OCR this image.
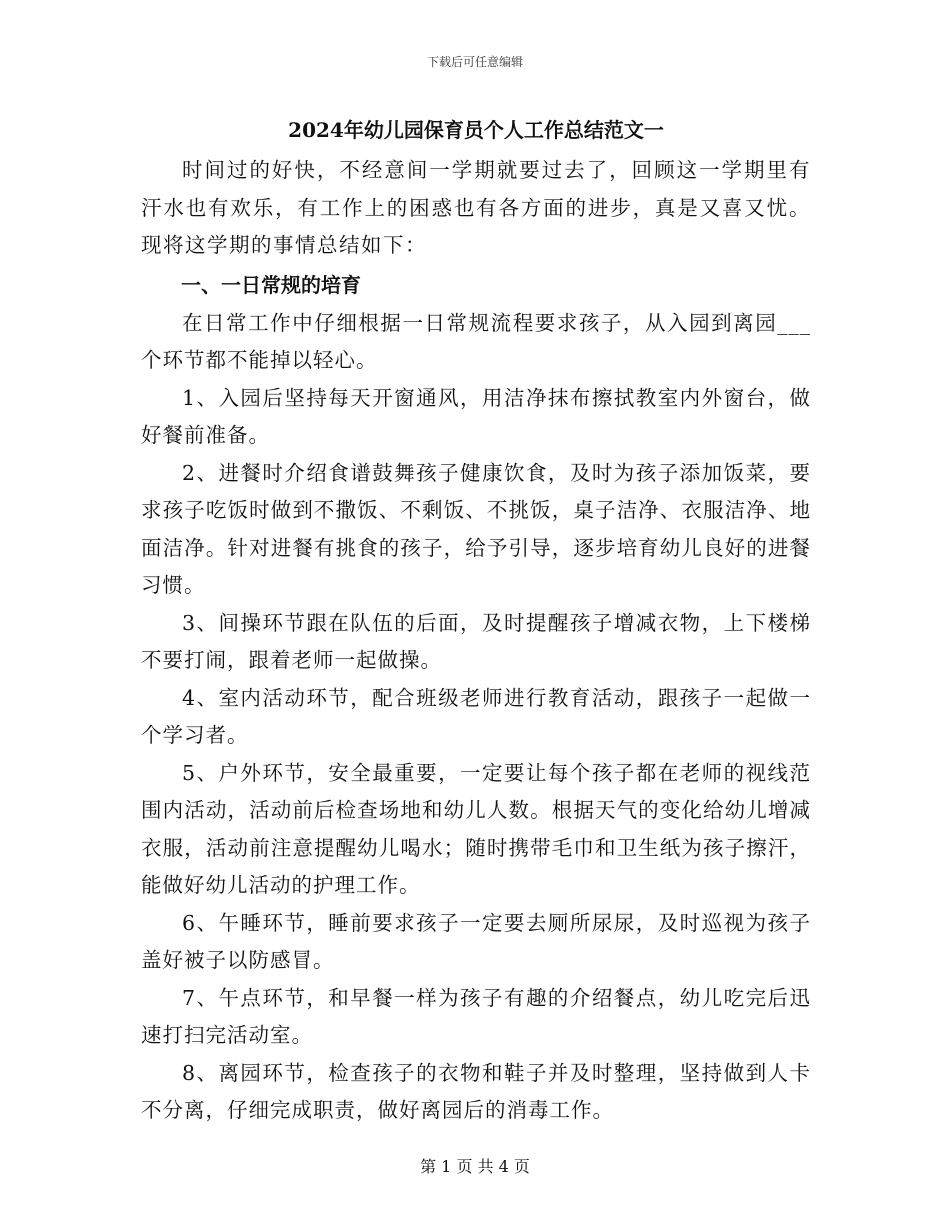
下载后可任意编辑
2024年幼儿园保育员个人工作总结范文一

时间过的好快，不经意间一学期就要过去了，回顾这一学期里有汗水也有欢乐，有工作上的困惑也有各方面的进步，真是又喜又忧。现将这学期的事情总结如下：

一、一日常规的培育

在日常工作中仔细根据一日常规流程要求孩子，从入园到离园___个环节都不能掉以轻心。

1、入园后坚持每天开窗通风，用洁净抹布擦拭教室内外窗台，做好餐前准备。

2、进餐时介绍食谱鼓舞孩子健康饮食，及时为孩子添加饭菜，要求孩子吃饭时做到不撒饭、不剩饭、不挑饭，桌子洁净、衣服洁净、地面洁净。针对进餐有挑食的孩子，给予引导，逐步培育幼儿良好的进餐习惯。

3、间操环节跟在队伍的后面，及时提醒孩子增减衣物，上下楼梯不要打闹，跟着老师一起做操。

4、室内活动环节，配合班级老师进行教育活动，跟孩子一起做一个学习者。

5、户外环节，安全最重要，一定要让每个孩子都在老师的视线范围内活动，活动前后检查场地和幼儿人数。根据天气的变化给幼儿增减衣服，活动前注意提醒幼儿喝水；随时携带毛巾和卫生纸为孩子擦汗，能做好幼儿活动的护理工作。

6、午睡环节，睡前要求孩子一定要去厕所尿尿，及时巡视为孩子盖好被子以防感冒。

7、午点环节，和早餐一样为孩子有趣的介绍餐点，幼儿吃完后迅速打扫完活动室。

8、离园环节，检查孩子的衣物和鞋子并及时整理，坚持做到人卡不分离，仔细完成职责，做好离园后的消毒工作。

第 1 页 共 4 页
